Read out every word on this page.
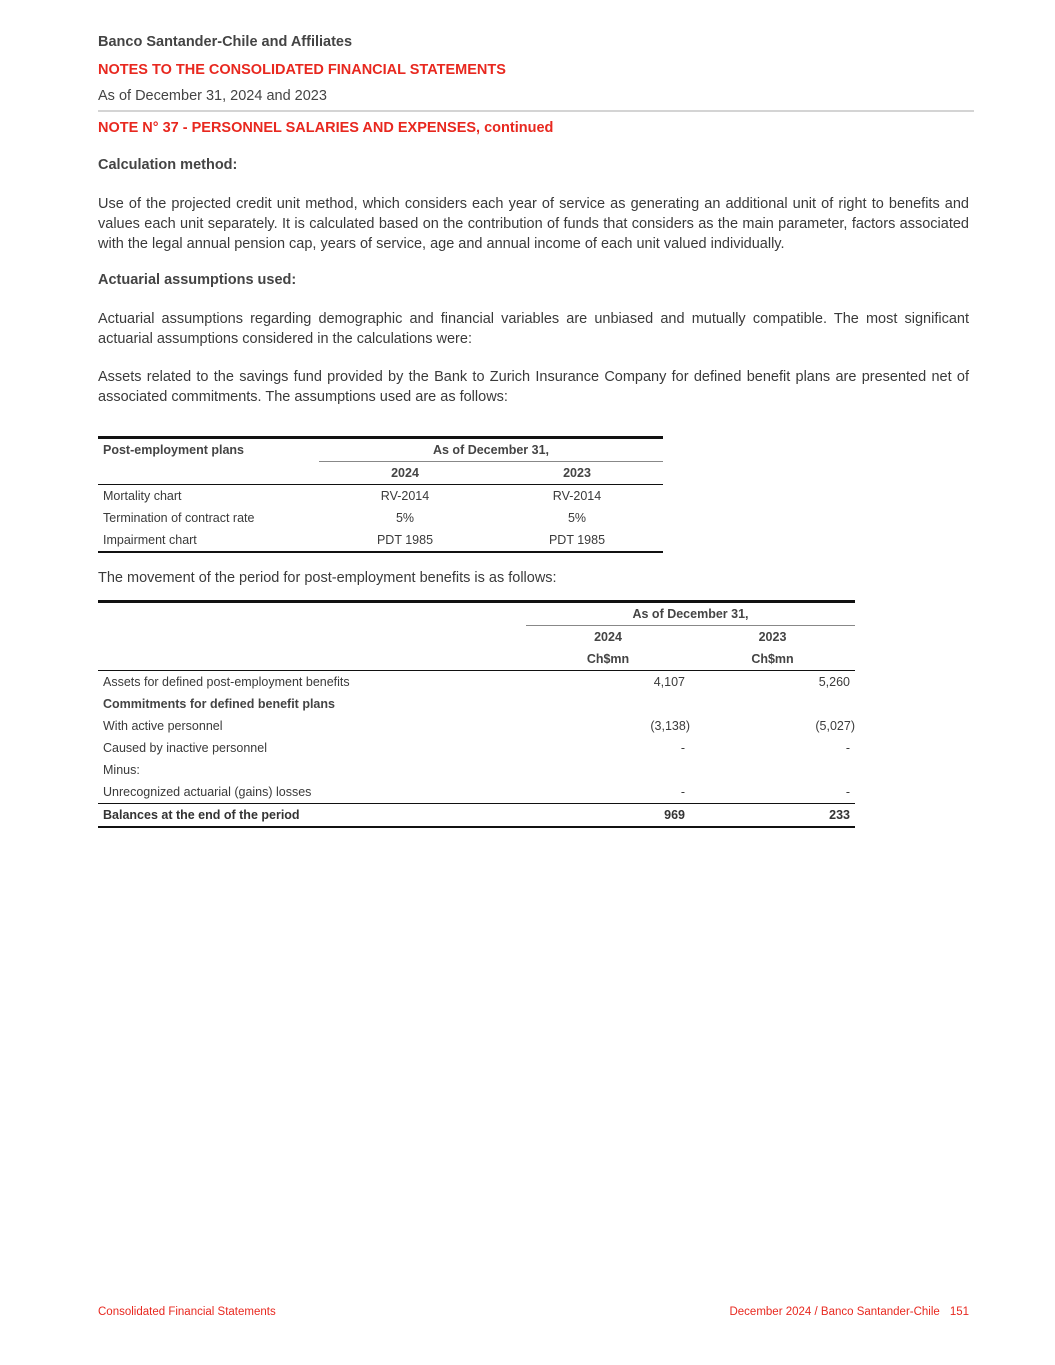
Banco Santander-Chile and Affiliates
NOTES TO THE CONSOLIDATED FINANCIAL STATEMENTS
As of December 31, 2024 and 2023
NOTE N° 37 - PERSONNEL SALARIES AND EXPENSES, continued
Calculation method:
Use of the projected credit unit method, which considers each year of service as generating an additional unit of right to benefits and values each unit separately. It is calculated based on the contribution of funds that considers as the main parameter, factors associated with the legal annual pension cap, years of service, age and annual income of each unit valued individually.
Actuarial assumptions used:
Actuarial assumptions regarding demographic and financial variables are unbiased and mutually compatible. The most significant actuarial assumptions considered in the calculations were:
Assets related to the savings fund provided by the Bank to Zurich Insurance Company for defined benefit plans are presented net of associated commitments. The assumptions used are as follows:
Post-employment plans	As of December 31,	
	2024	2023
Mortality chart	RV-2014	RV-2014
Termination of contract rate	5%	5%
Impairment chart	PDT 1985	PDT 1985
The movement of the period for post-employment benefits is as follows:
	As of December 31,	
	2024	2023
	Ch$mn	Ch$mn
Assets for defined post-employment benefits	4,107	5,260
Commitments for defined benefit plans		
With active personnel	(3,138)	(5,027)
Caused by inactive personnel	-	-
Minus:		
Unrecognized actuarial (gains) losses	-	-
Balances at the end of the period	969	233
Consolidated Financial Statements	December 2024 / Banco Santander-Chile 151
